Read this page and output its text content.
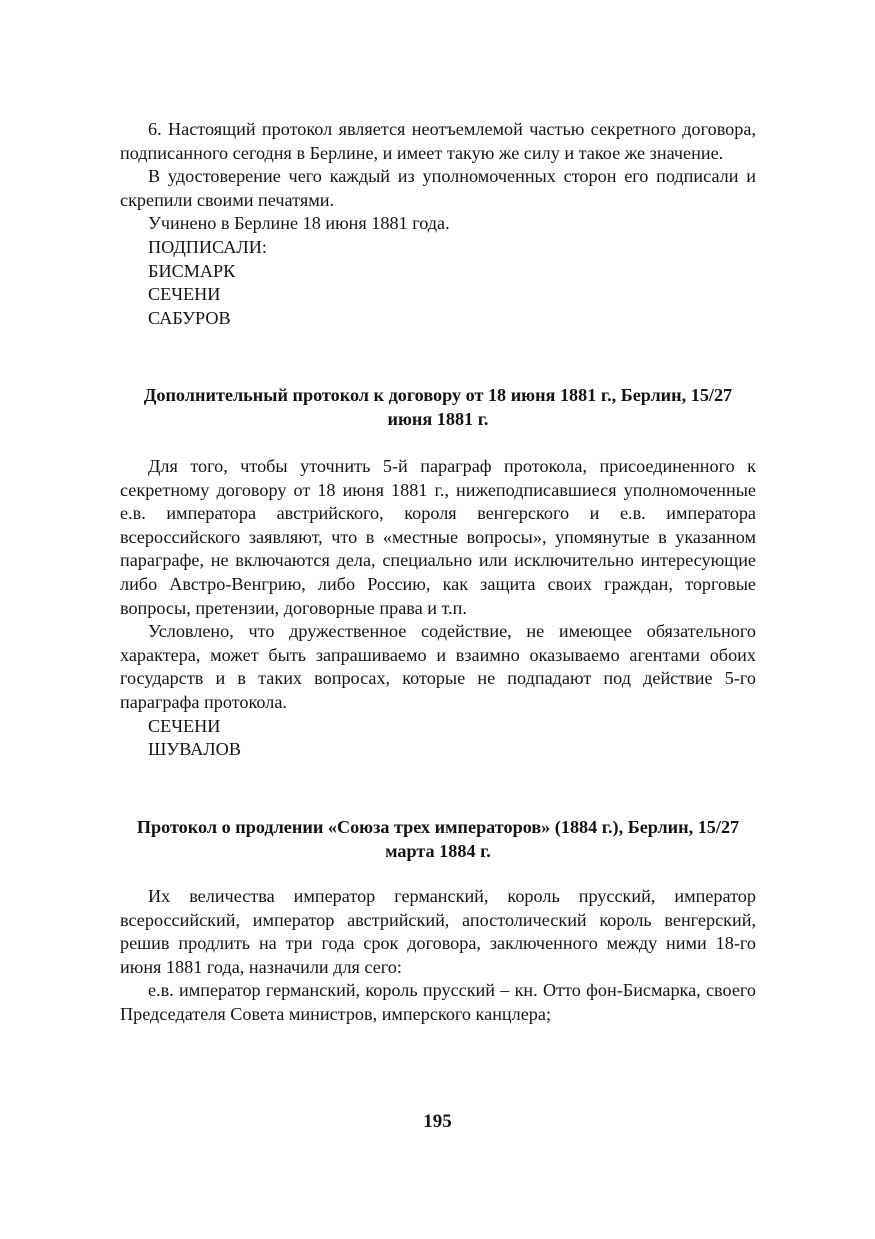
6. Настоящий протокол является неотъемлемой частью секретного договора, подписанного сегодня в Берлине, и имеет такую же силу и такое же значение.

В удостоверение чего каждый из уполномоченных сторон его подписали и скрепили своими печатями.

Учинено в Берлине 18 июня 1881 года.

ПОДПИСАЛИ:

БИСМАРК

СЕЧЕНИ

САБУРОВ

Дополнительный протокол к договору от 18 июня 1881 г., Берлин, 15/27 июня 1881 г.

Для того, чтобы уточнить 5-й параграф протокола, присоединенного к секретному договору от 18 июня 1881 г., нижеподписавшиеся уполномоченные е.в. императора австрийского, короля венгерского и е.в. императора всероссийского заявляют, что в «местные вопросы», упомянутые в указанном параграфе, не включаются дела, специально или исключительно интересующие либо Австро-Венгрию, либо Россию, как защита своих граждан, торговые вопросы, претензии, договорные права и т.п.

Условлено, что дружественное содействие, не имеющее обязательного характера, может быть запрашиваемо и взаимно оказываемо агентами обоих государств и в таких вопросах, которые не подпадают под действие 5-го параграфа протокола.

СЕЧЕНИ

ШУВАЛОВ

Протокол о продлении «Союза трех императоров» (1884 г.), Берлин, 15/27 марта 1884 г.

Их величества император германский, король прусский, император всероссийский, император австрийский, апостолический король венгерский, решив продлить на три года срок договора, заключенного между ними 18-го июня 1881 года, назначили для сего:

е.в. император германский, король прусский – кн. Отто фон-Бисмарка, своего Председателя Совета министров, имперского канцлера;

195
